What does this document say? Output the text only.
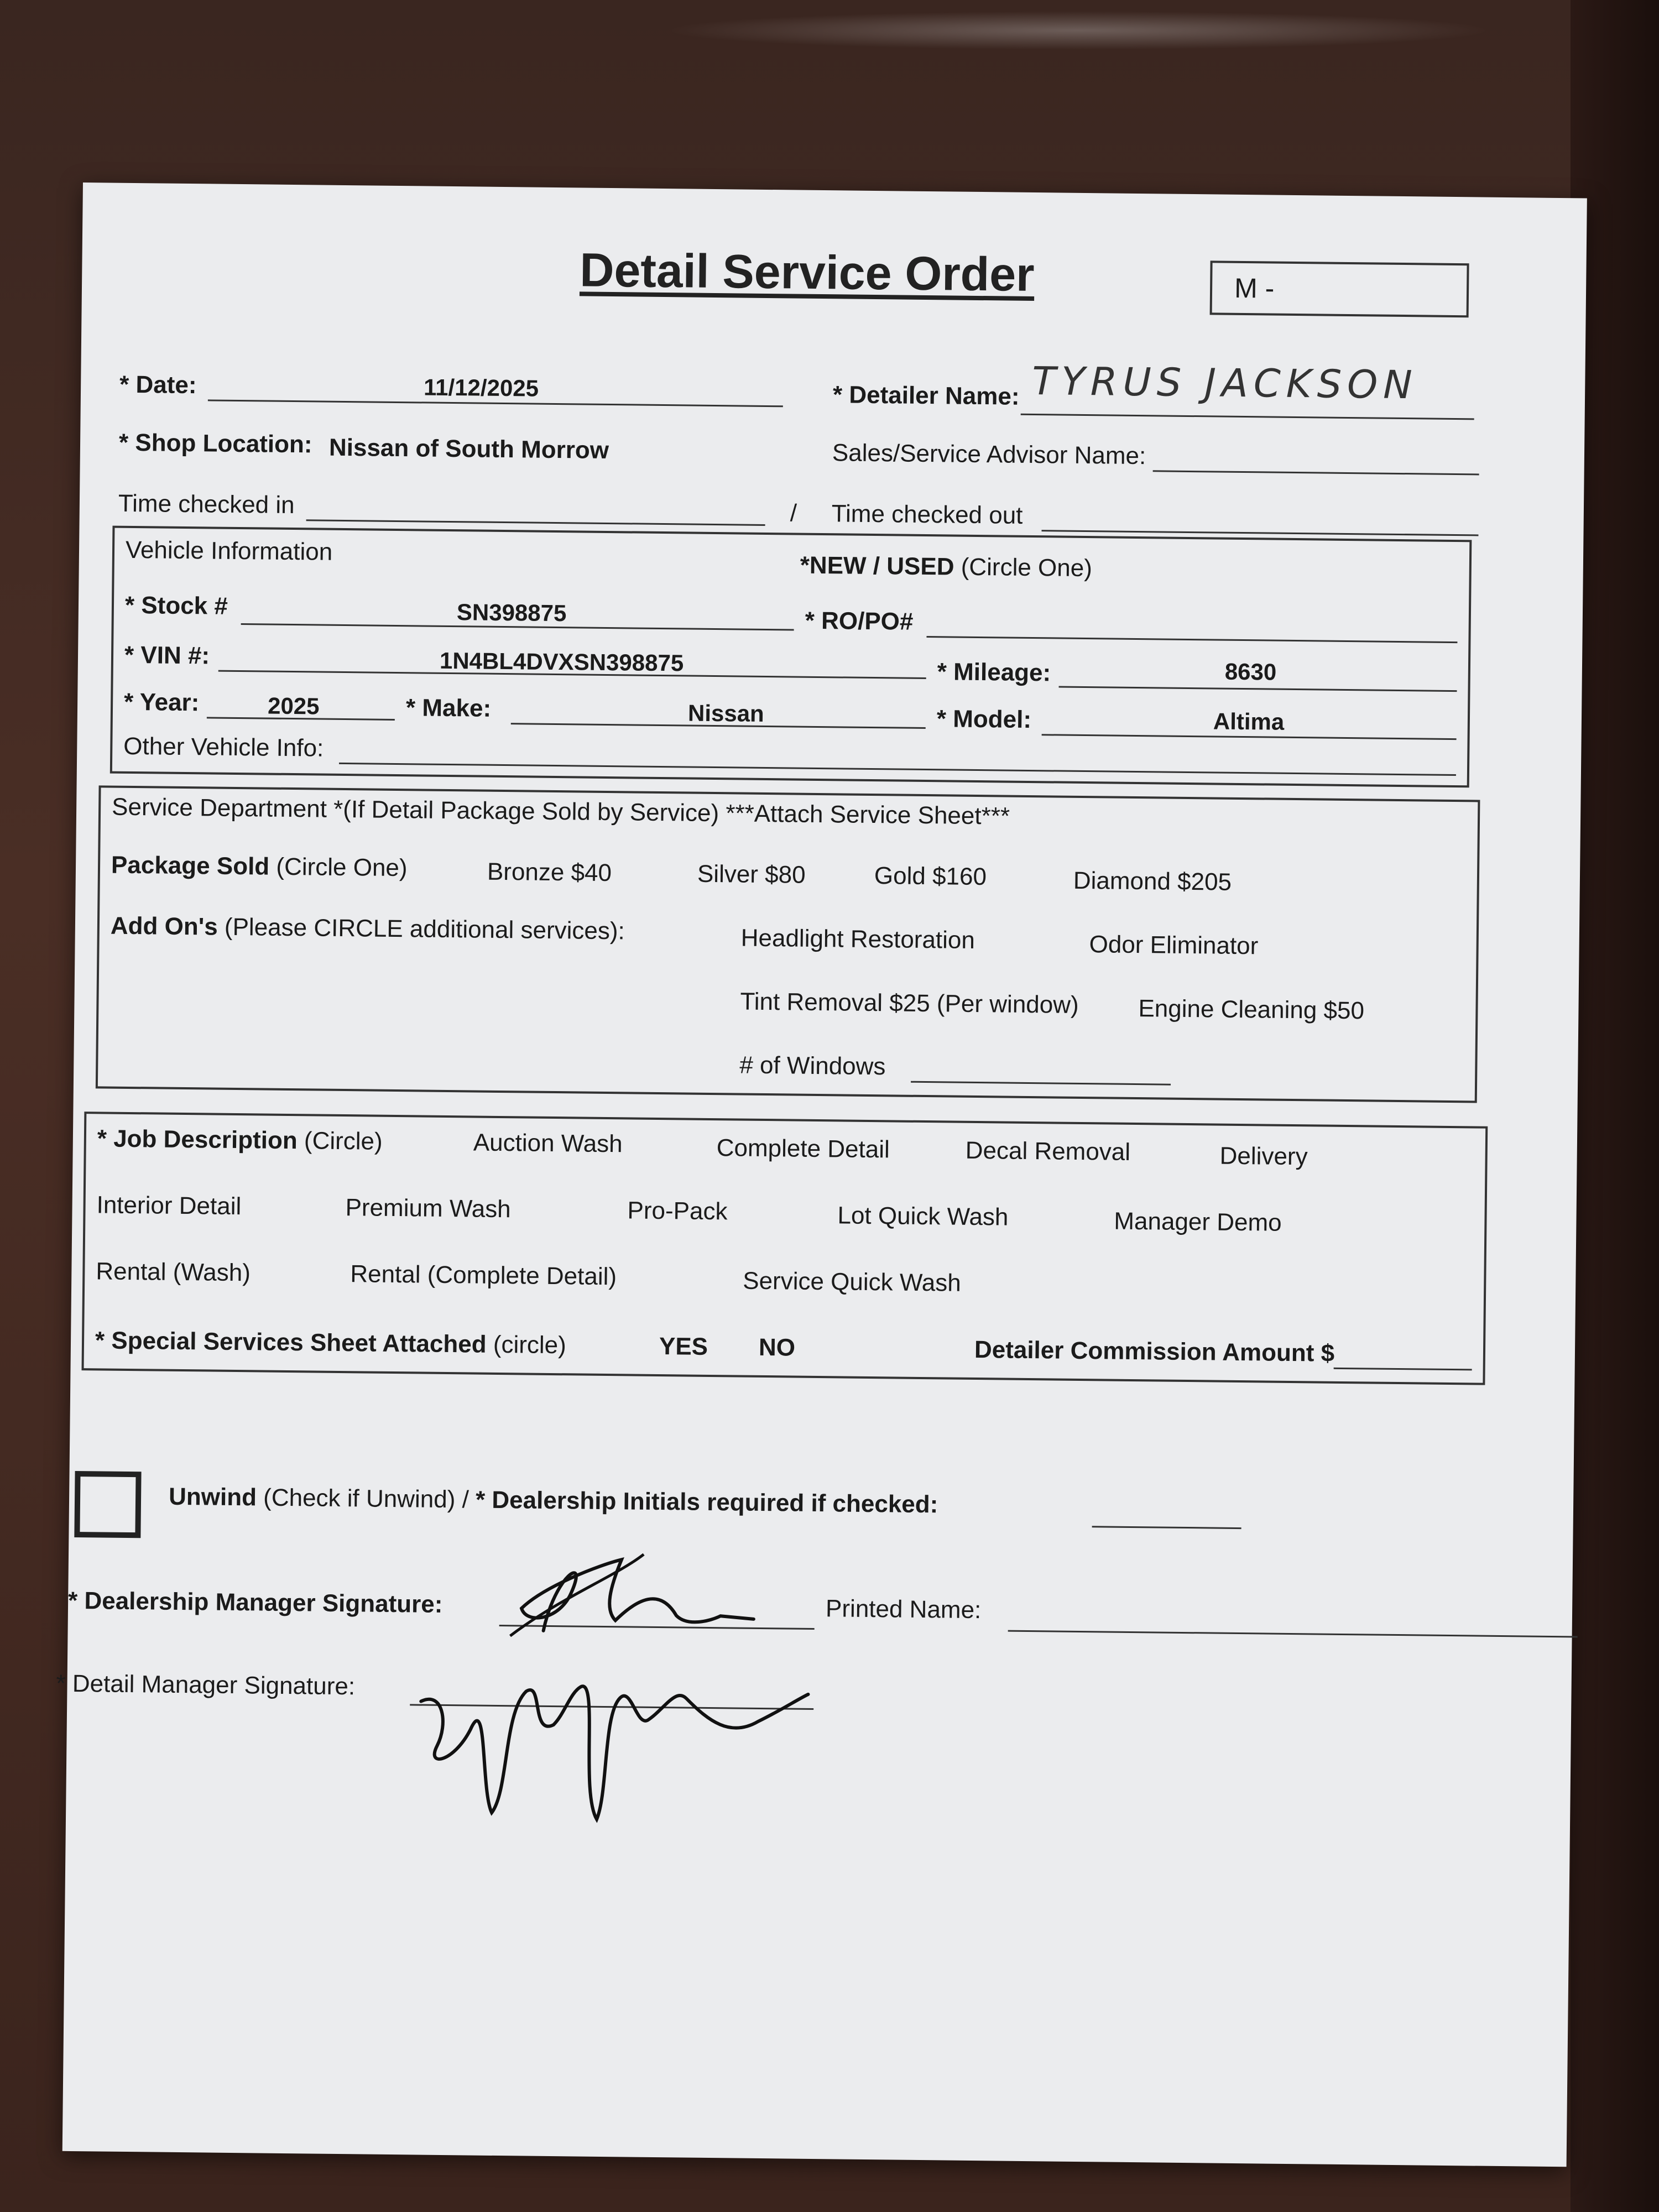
Detail Service Order	M -
* Date:	11/12/2025	* Detailer Name: TYRUS JACKSON
* Shop Location: Nissan of South Morrow	Sales/Service Advisor Name:
Time checked in	/ Time checked out
Vehicle Information
*NEW / USED (Circle One)
* Stock #	SN398875	* RO/PO#
* VIN #:	1N4BL4DVXSN398875	* Mileage:	8630
* Year:	2025	* Make:	Nissan	* Model:	Altima
Other Vehicle Info:
Service Department *(If Detail Package Sold by Service) ***Attach Service Sheet***
Package Sold (Circle One)	Bronze $40	Silver $80	Gold $160	Diamond $205
Add On's (Please CIRCLE additional services):	Headlight Restoration	Odor Eliminator
Tint Removal $25 (Per window) Engine Cleaning $50
# of Windows
* Job Description (Circle)	Auction Wash	Complete Detail	Decal Removal	Delivery
Interior Detail	Premium Wash	Pro-Pack	Lot Quick Wash	Manager Demo
Rental (Wash)	Rental (Complete Detail)	Service Quick Wash
* Special Services Sheet Attached (circle)	YES NO	Detailer Commission Amount $
Unwind (Check if Unwind) / * Dealership Initials required if checked:
* Dealership Manager Signature:	Printed Name:
* Detail Manager Signature:
